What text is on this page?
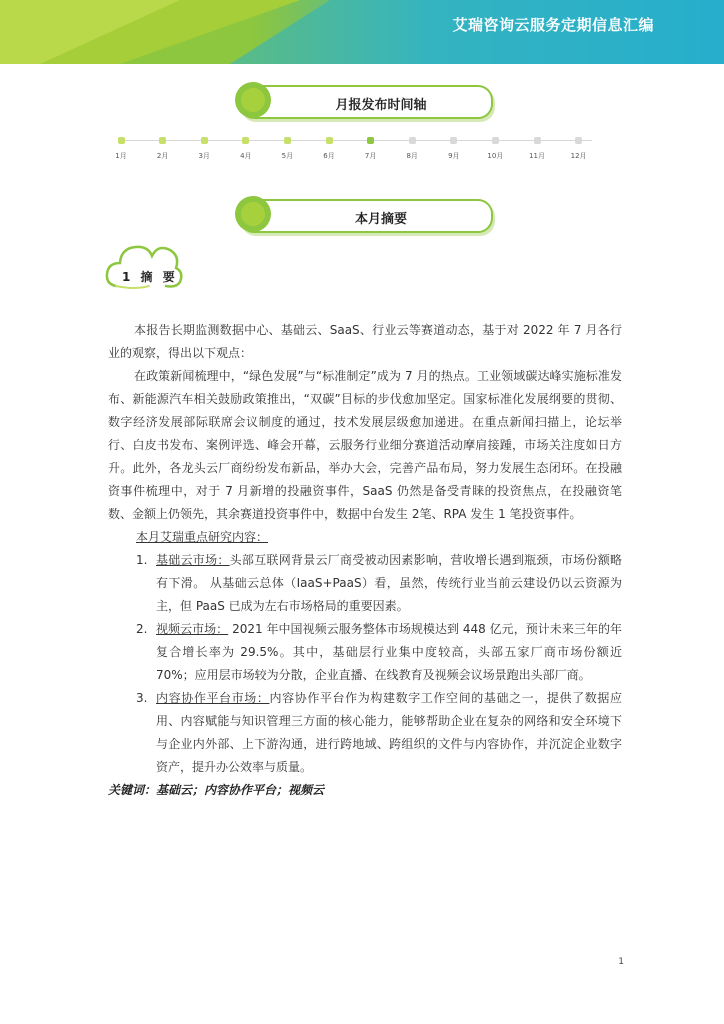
艾瑞咨询云服务定期信息汇编
月报发布时间轴
1月	2月	3月	4月	5月	6月	7月	8月	9月	10月	11月	12月
本月摘要
1 摘 要

本报告长期监测数据中心、基础云、SaaS、行业云等赛道动态，基于对 2022 年 7 月各行业的观察，得出以下观点：

在政策新闻梳理中，“绿色发展”与“标准制定”成为 7 月的热点。工业领域碳达峰实施标准发布、新能源汽车相关鼓励政策推出，“双碳”目标的步伐愈加坚定。国家标准化发展纲要的贯彻、数字经济发展部际联席会议制度的通过，技术发展层级愈加递进。在重点新闻扫描上，论坛举行、白皮书发布、案例评选、峰会开幕，云服务行业细分赛道活动摩肩接踵，市场关注度如日方升。此外，各龙头云厂商纷纷发布新品，举办大会，完善产品布局，努力发展生态闭环。在投融资事件梳理中，对于 7 月新增的投融资事件，SaaS 仍然是备受青睐的投资焦点，在投融资笔数、金额上仍领先，其余赛道投资事件中，数据中台发生 2笔、RPA 发生 1 笔投资事件。

本月艾瑞重点研究内容：

1. 基础云市场：头部互联网背景云厂商受被动因素影响，营收增长遇到瓶颈，市场份额略有下滑。 从基础云总体（IaaS+PaaS）看，虽然，传统行业当前云建设仍以云资源为主，但 PaaS 已成为左右市场格局的重要因素。
2. 视频云市场： 2021 年中国视频云服务整体市场规模达到 448 亿元，预计未来三年的年复合增长率为 29.5%。其中，基础层行业集中度较高，头部五家厂商市场份额近 70%；应用层市场较为分散，企业直播、在线教育及视频会议场景跑出头部厂商。
3. 内容协作平台市场：内容协作平台作为构建数字工作空间的基础之一，提供了数据应用、内容赋能与知识管理三方面的核心能力，能够帮助企业在复杂的网络和安全环境下与企业内外部、上下游沟通，进行跨地域、跨组织的文件与内容协作，并沉淀企业数字资产，提升办公效率与质量。

关键词：基础云；内容协作平台；视频云

1
